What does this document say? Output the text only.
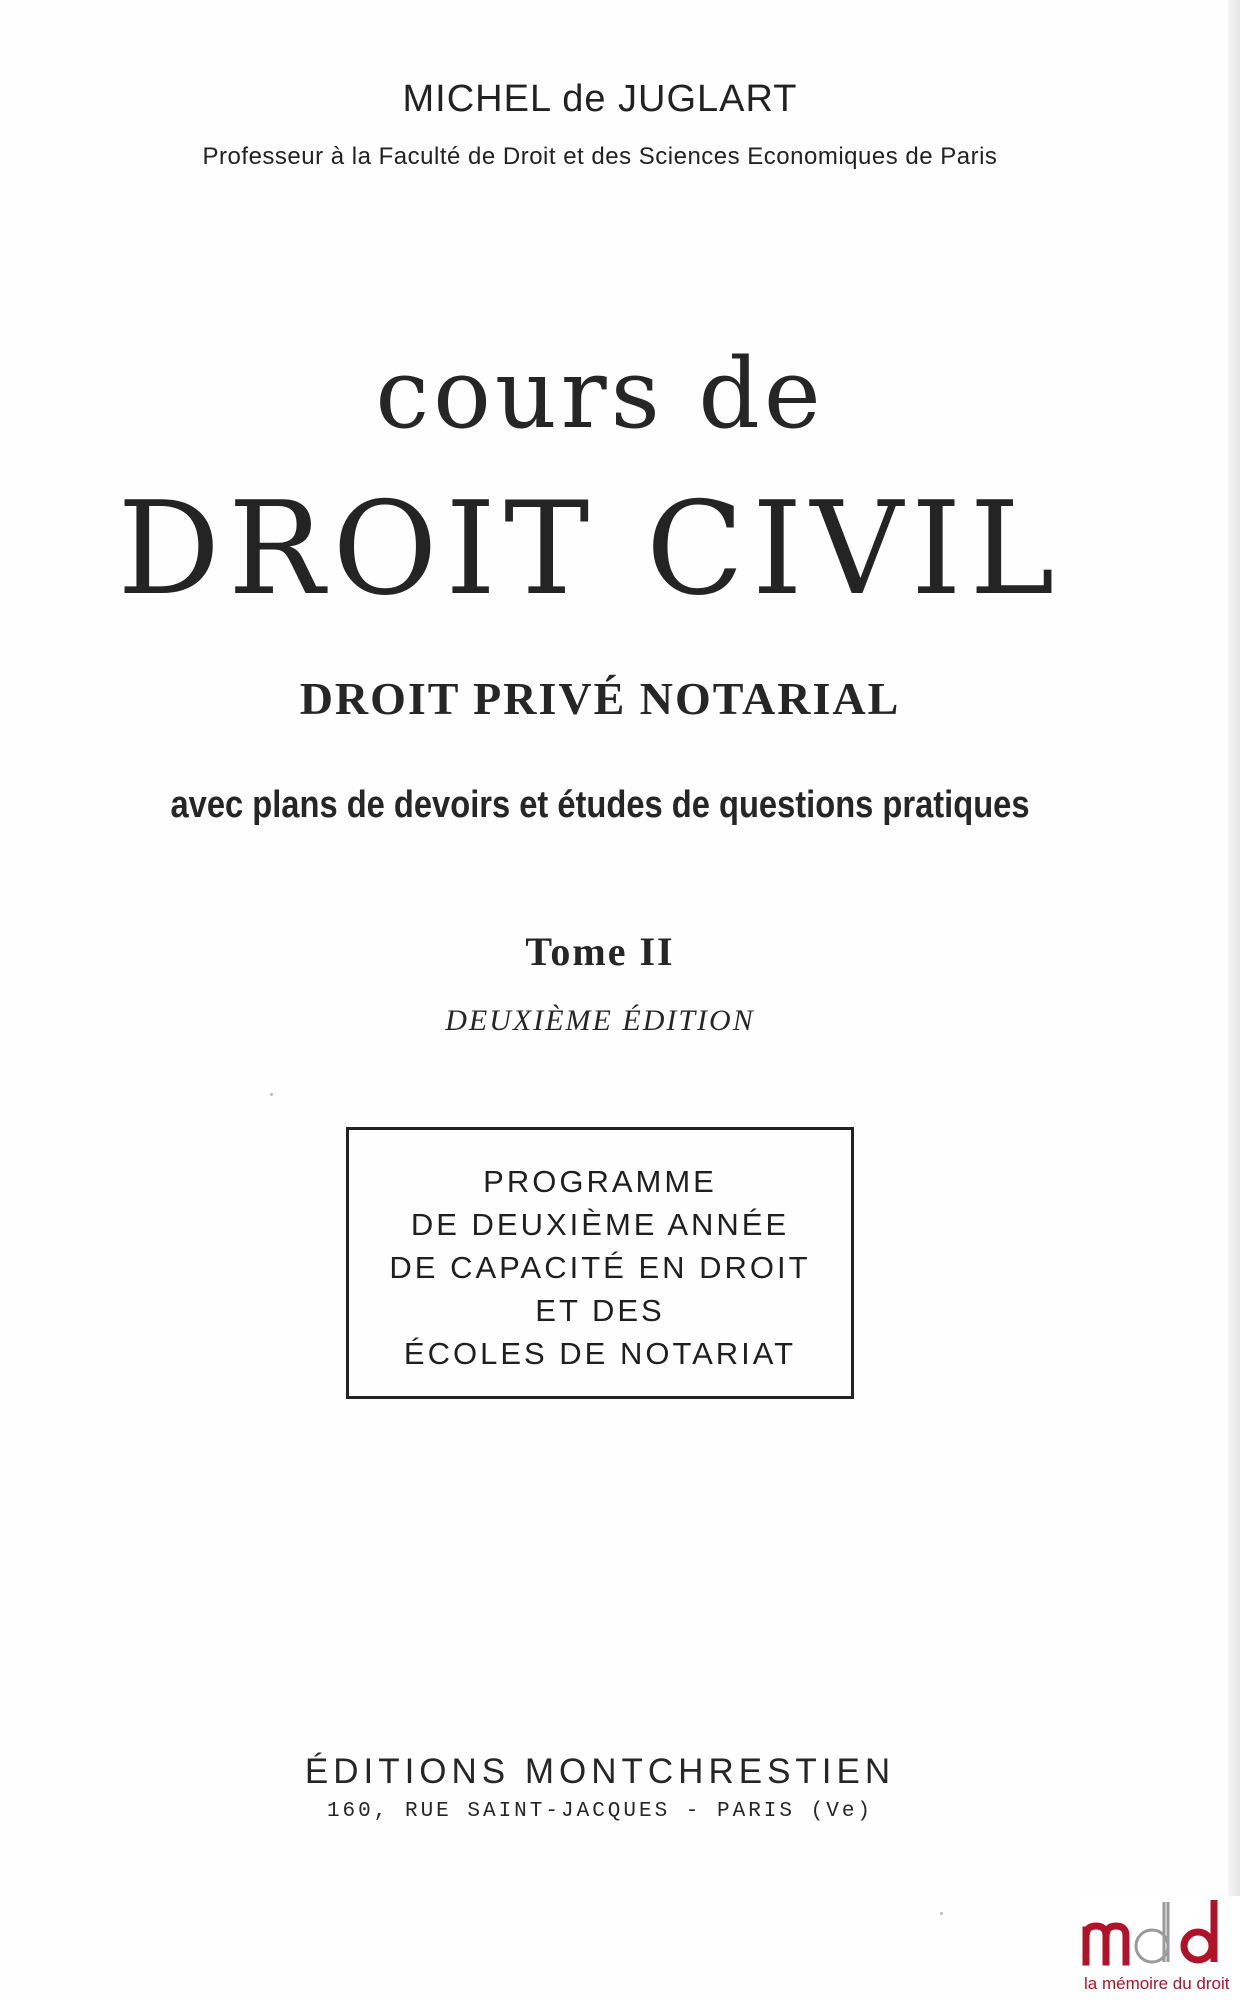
MICHEL de JUGLART
Professeur à la Faculté de Droit et des Sciences Economiques de Paris
cours de
DROIT CIVIL
DROIT PRIVÉ NOTARIAL
avec plans de devoirs et études de questions pratiques
Tome II
DEUXIÈME ÉDITION
PROGRAMME
DE DEUXIÈME ANNÉE
DE CAPACITÉ EN DROIT
ET DES
ÉCOLES DE NOTARIAT
ÉDITIONS MONTCHRESTIEN
160, RUE SAINT-JACQUES - PARIS (Ve)
la mémoire du droit
